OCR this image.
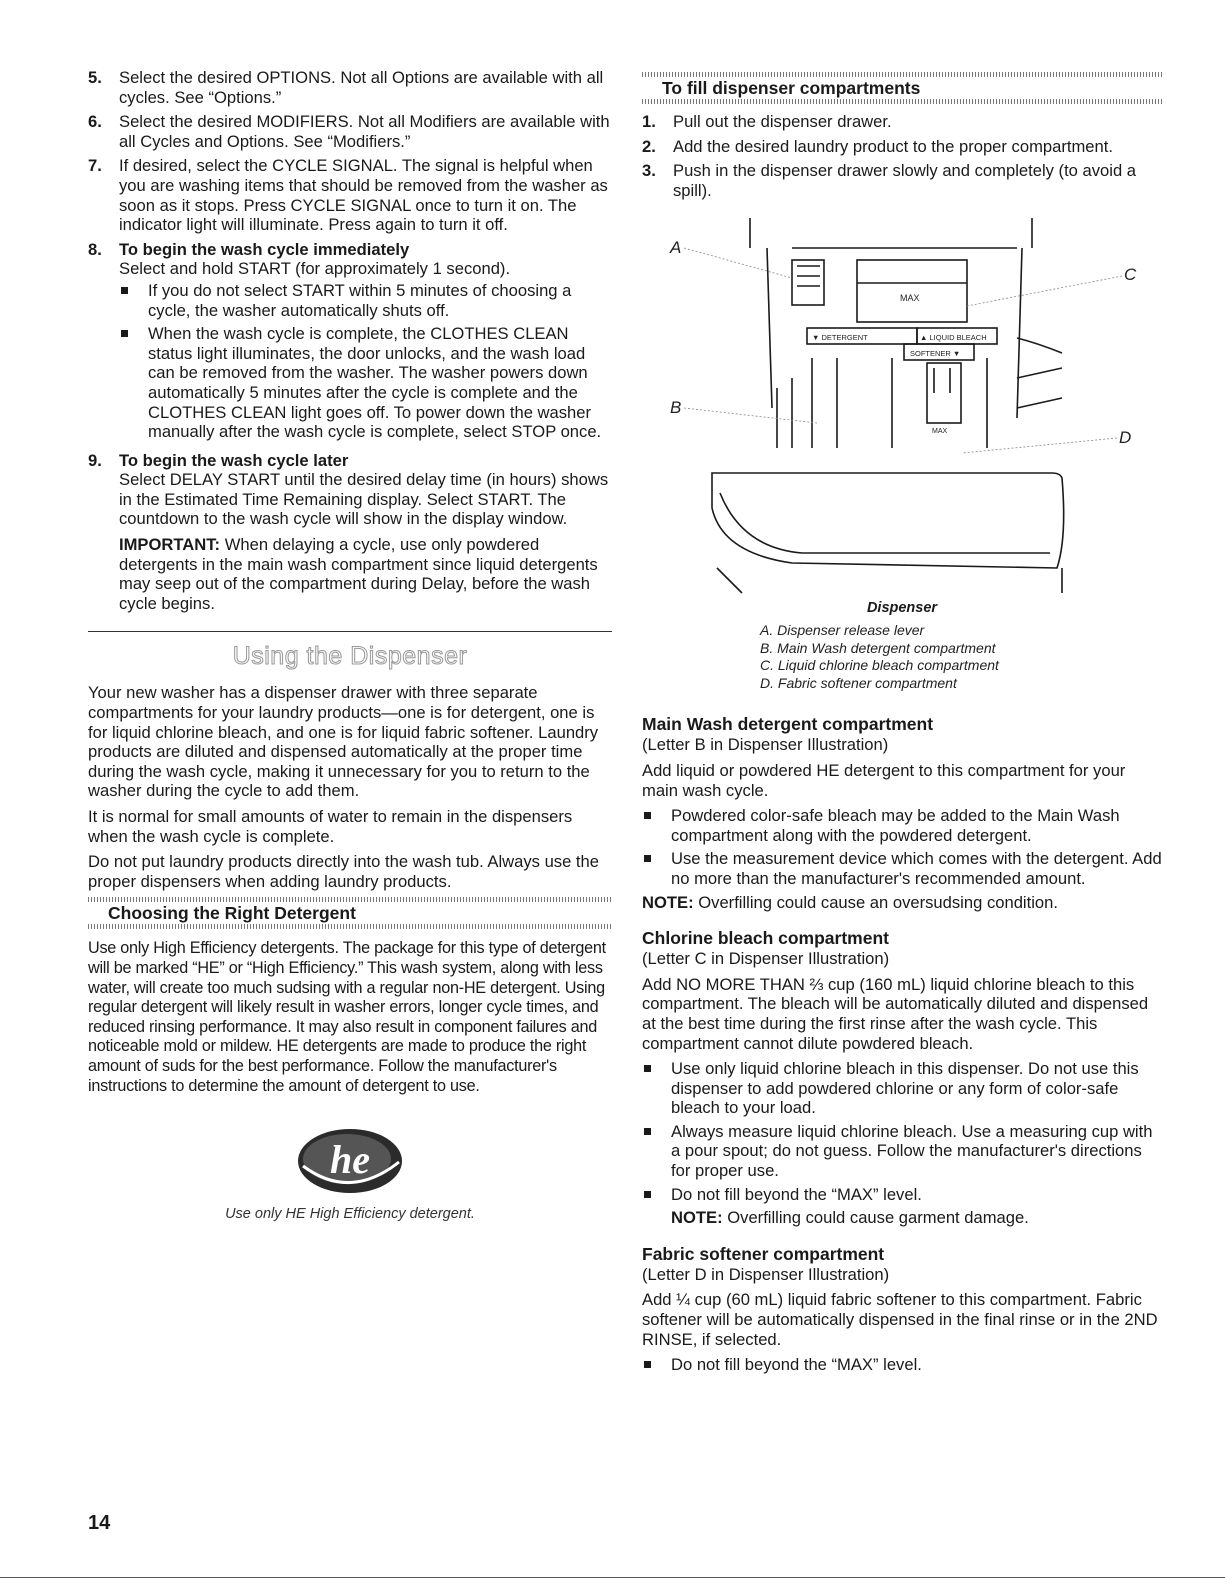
5.	Select the desired OPTIONS. Not all Options are available with all cycles. See “Options.”
6.	Select the desired MODIFIERS. Not all Modifiers are available with all Cycles and Options. See “Modifiers.”
7.	If desired, select the CYCLE SIGNAL. The signal is helpful when you are washing items that should be removed from the washer as soon as it stops. Press CYCLE SIGNAL once to turn it on. The indicator light will illuminate. Press again to turn it off.
8.	To begin the wash cycle immediately
Select and hold START (for approximately 1 second).
If you do not select START within 5 minutes of choosing a cycle, the washer automatically shuts off.
When the wash cycle is complete, the CLOTHES CLEAN status light illuminates, the door unlocks, and the wash load can be removed from the washer. The washer powers down automatically 5 minutes after the cycle is complete and the CLOTHES CLEAN light goes off. To power down the washer manually after the wash cycle is complete, select STOP once.
9.	To begin the wash cycle later
Select DELAY START until the desired delay time (in hours) shows in the Estimated Time Remaining display. Select START. The countdown to the wash cycle will show in the display window.

IMPORTANT: When delaying a cycle, use only powdered detergents in the main wash compartment since liquid detergents may seep out of the compartment during Delay, before the wash cycle begins.

Using the Dispenser

Your new washer has a dispenser drawer with three separate compartments for your laundry products—one is for detergent, one is for liquid chlorine bleach, and one is for liquid fabric softener. Laundry products are diluted and dispensed automatically at the proper time during the wash cycle, making it unnecessary for you to return to the washer during the cycle to add them.

It is normal for small amounts of water to remain in the dispensers when the wash cycle is complete.

Do not put laundry products directly into the wash tub. Always use the proper dispensers when adding laundry products.

Choosing the Right Detergent

Use only High Efficiency detergents. The package for this type of detergent will be marked “HE” or “High Efficiency.” This wash system, along with less water, will create too much sudsing with a regular non-HE detergent. Using regular detergent will likely result in washer errors, longer cycle times, and reduced rinsing performance. It may also result in component failures and noticeable mold or mildew. HE detergents are made to produce the right amount of suds for the best performance. Follow the manufacturer's instructions to determine the amount of detergent to use.

he
Use only HE High Efficiency detergent.
To fill dispenser compartments
1.	Pull out the dispenser drawer.
2.	Add the desired laundry product to the proper compartment.
3.	Push in the dispenser drawer slowly and completely (to avoid a spill).
A
B
C
D
MAX
MAX
▼ DETERGENT	▲ LIQUID BLEACH
SOFTENER ▼
Dispenser
A. Dispenser release lever
B. Main Wash detergent compartment
C. Liquid chlorine bleach compartment
D. Fabric softener compartment
Main Wash detergent compartment
(Letter B in Dispenser Illustration)

Add liquid or powdered HE detergent to this compartment for your main wash cycle.

Powdered color-safe bleach may be added to the Main Wash compartment along with the powdered detergent.
Use the measurement device which comes with the detergent. Add no more than the manufacturer's recommended amount.

NOTE: Overfilling could cause an oversudsing condition.

Chlorine bleach compartment
(Letter C in Dispenser Illustration)

Add NO MORE THAN ⅔ cup (160 mL) liquid chlorine bleach to this compartment. The bleach will be automatically diluted and dispensed at the best time during the first rinse after the wash cycle. This compartment cannot dilute powdered bleach.

Use only liquid chlorine bleach in this dispenser. Do not use this dispenser to add powdered chlorine or any form of color-safe bleach to your load.
Always measure liquid chlorine bleach. Use a measuring cup with a pour spout; do not guess. Follow the manufacturer's directions for proper use.
Do not fill beyond the “MAX” level.

NOTE: Overfilling could cause garment damage.

Fabric softener compartment
(Letter D in Dispenser Illustration)

Add ¼ cup (60 mL) liquid fabric softener to this compartment. Fabric softener will be automatically dispensed in the final rinse or in the 2ND RINSE, if selected.

Do not fill beyond the “MAX” level.
14
